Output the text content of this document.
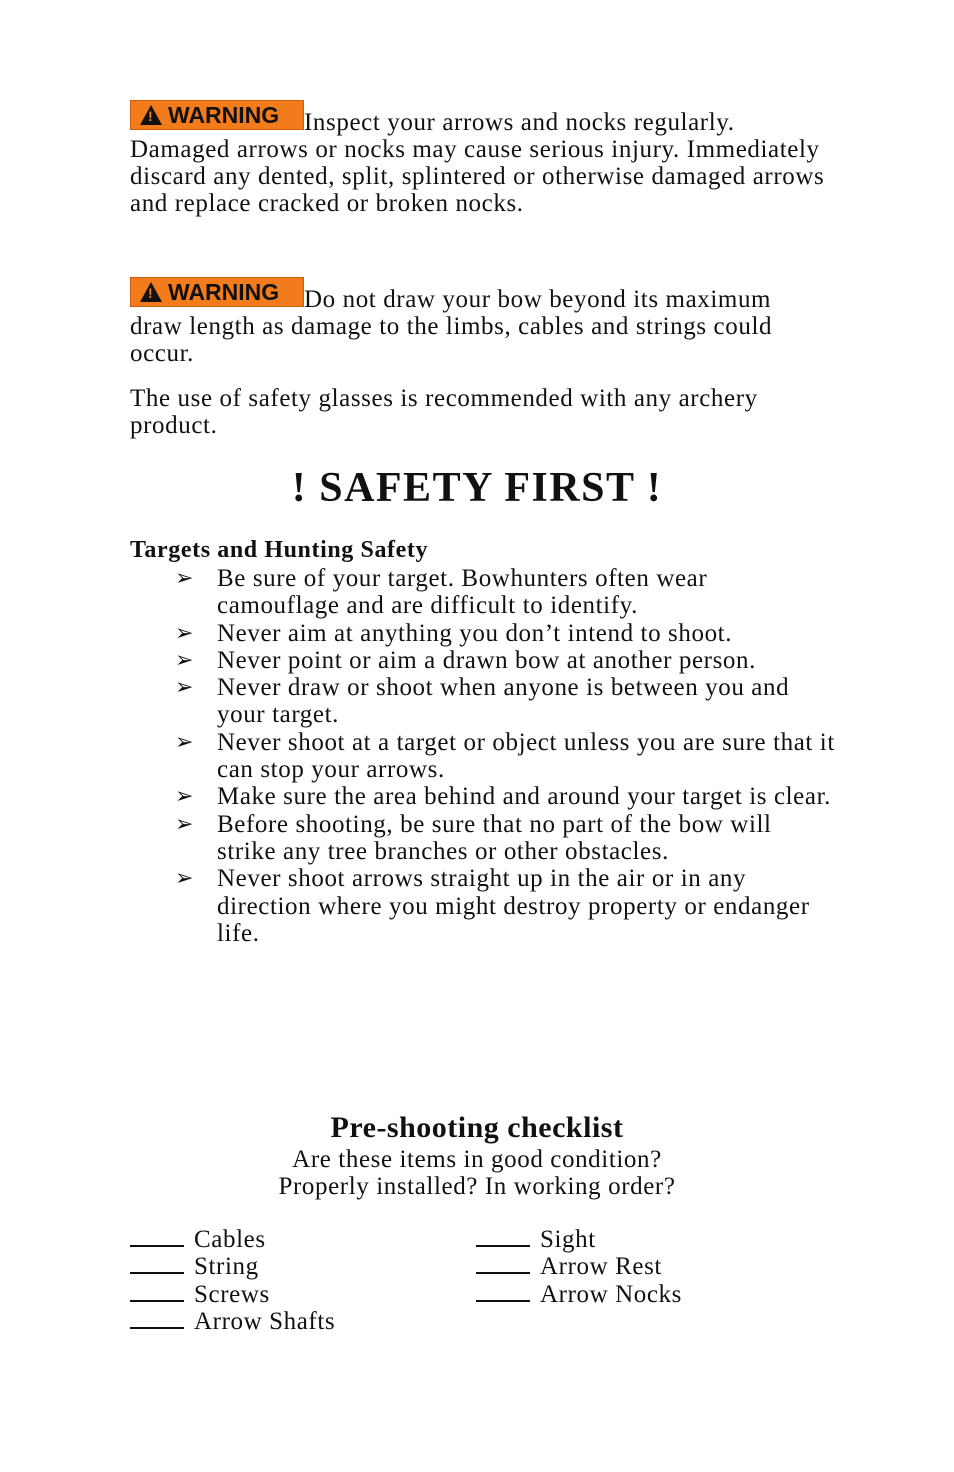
!WARNING Inspect your arrows and nocks regularly. Damaged arrows or nocks may cause serious injury. Immediately discard any dented, split, splintered or otherwise damaged arrows and replace cracked or broken nocks.

!WARNING Do not draw your bow beyond its maximum draw length as damage to the limbs, cables and strings could occur.

The use of safety glasses is recommended with any archery product.

! SAFETY FIRST !
Targets and Hunting Safety
➢ Be sure of your target. Bowhunters often wear camouflage and are difficult to identify.
➢ Never aim at anything you don’t intend to shoot.
➢ Never point or aim a drawn bow at another person.
➢ Never draw or shoot when anyone is between you and your target.
➢ Never shoot at a target or object unless you are sure that it can stop your arrows.
➢ Make sure the area behind and around your target is clear.
➢ Before shooting, be sure that no part of the bow will strike any tree branches or other obstacles.
➢ Never shoot arrows straight up in the air or in any direction where you might destroy property or endanger life.
Pre-shooting checklist

Are these items in good condition?

Properly installed? In working order?

Cables
String
Screws
Arrow Shafts
Sight
Arrow Rest
Arrow Nocks
